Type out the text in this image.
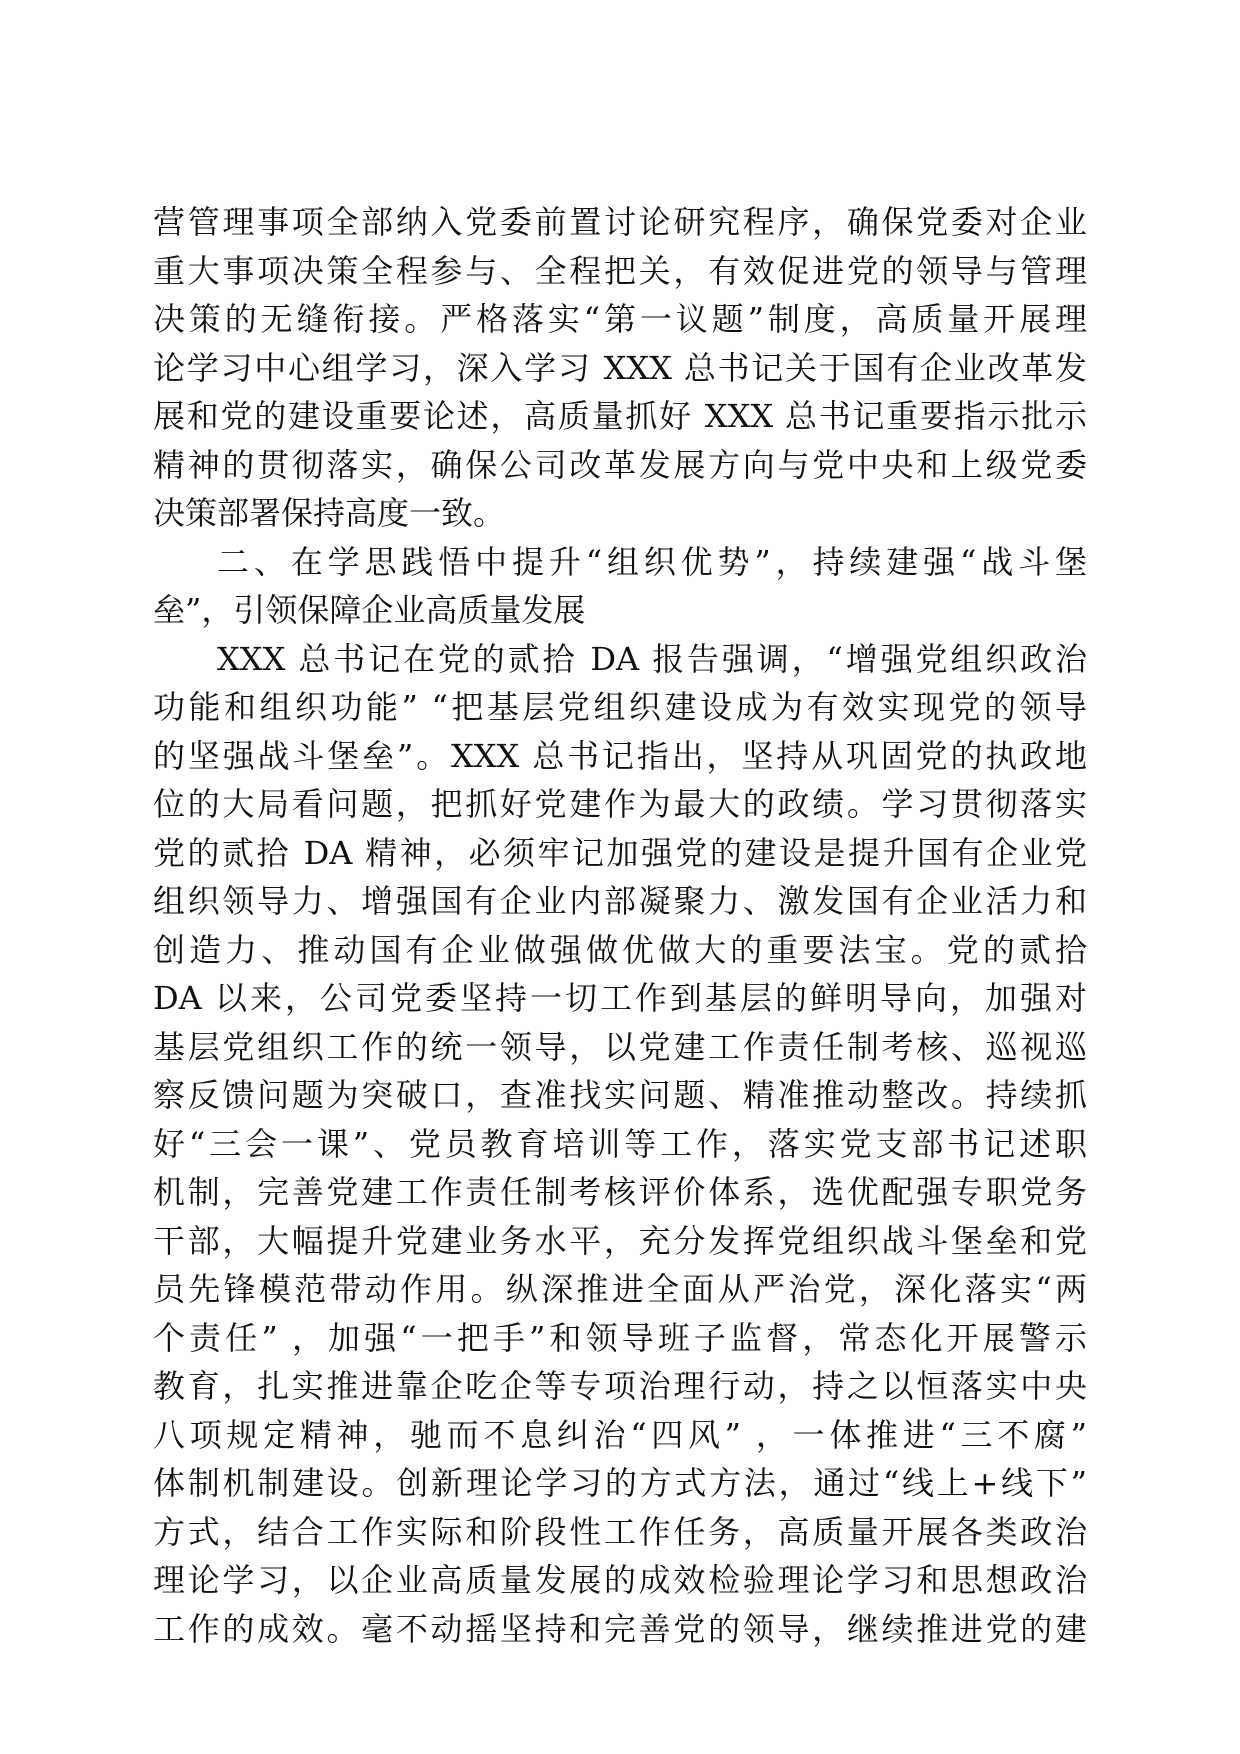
营管理事项全部纳入党委前置讨论研究程序，确保党委对企业
重大事项决策全程参与、全程把关，有效促进党的领导与管理
决策的无缝衔接。严格落实“第一议题”制度，高质量开展理
论学习中心组学习，深入学习 XXX 总书记关于国有企业改革发
展和党的建设重要论述，高质量抓好 XXX 总书记重要指示批示
精神的贯彻落实，确保公司改革发展方向与党中央和上级党委
决策部署保持高度一致。
二、在学思践悟中提升“组织优势”，持续建强“战斗堡
垒”，引领保障企业高质量发展
XXX 总书记在党的贰拾 DA 报告强调，“增强党组织政治
功能和组织功能” “把基层党组织建设成为有效实现党的领导
的坚强战斗堡垒”。XXX 总书记指出，坚持从巩固党的执政地
位的大局看问题，把抓好党建作为最大的政绩。学习贯彻落实
党的贰拾 DA 精神，必须牢记加强党的建设是提升国有企业党
组织领导力、增强国有企业内部凝聚力、激发国有企业活力和
创造力、推动国有企业做强做优做大的重要法宝。党的贰拾
DA 以来，公司党委坚持一切工作到基层的鲜明导向，加强对
基层党组织工作的统一领导，以党建工作责任制考核、巡视巡
察反馈问题为突破口，查准找实问题、精准推动整改。持续抓
好“三会一课”、党员教育培训等工作，落实党支部书记述职
机制，完善党建工作责任制考核评价体系，选优配强专职党务
干部，大幅提升党建业务水平，充分发挥党组织战斗堡垒和党
员先锋模范带动作用。纵深推进全面从严治党，深化落实“两
个责任” ，加强“一把手”和领导班子监督，常态化开展警示
教育，扎实推进靠企吃企等专项治理行动，持之以恒落实中央
八项规定精神，驰而不息纠治“四风” ，一体推进“三不腐”
体制机制建设。创新理论学习的方式方法，通过“线上+线下”
方式，结合工作实际和阶段性工作任务，高质量开展各类政治
理论学习，以企业高质量发展的成效检验理论学习和思想政治
工作的成效。毫不动摇坚持和完善党的领导，继续推进党的建
